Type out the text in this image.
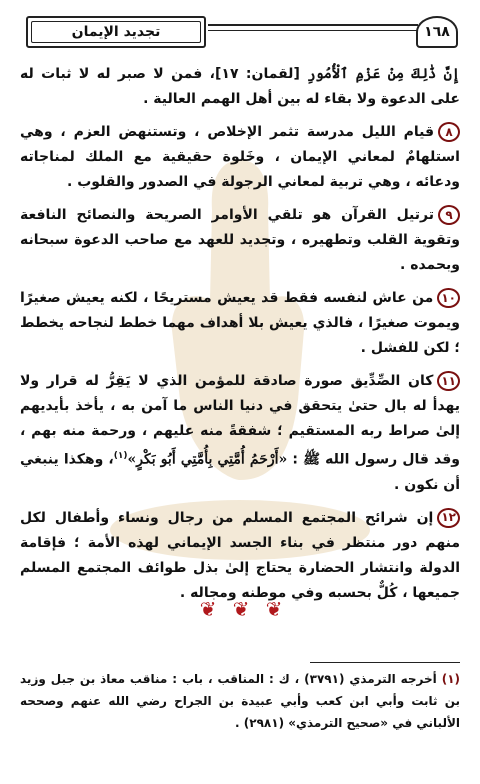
تجديد الإيمان	١٦٨

إِنَّ ذَٰلِكَ مِنْ عَزْمِ ٱلْأُمُورِ [لقمان: ١٧]، فمن لا صبر له لا ثبات له على الدعوة ولا بقاء له بين أهل الهمم العالية .

٨قيام الليل مدرسة تثمر الإخلاص ، وتستنهض العزم ، وهي استلهامٌ لمعاني الإيمان ، وخَلوة حقيقية مع الملك لمناجاته ودعائه ، وهي تربية لمعاني الرجولة في الصدور والقلوب .

٩ترتيل القرآن هو تلقي الأوامر الصريحة والنصائح النافعة وتقوية القلب وتطهيره ، وتجديد للعهد مع صاحب الدعوة سبحانه وبحمده .

١٠من عاش لنفسه فقط قد يعيش مستريحًا ، لكنه يعيش صغيرًا ويموت صغيرًا ، فالذي يعيش بلا أهداف مهما خطط لنجاحه يخطط ؛ لكن للفشل .

١١كان الصِّدِّيق صورة صادقة للمؤمن الذي لا يَقِرُّ له قرار ولا يهدأ له بال حتىٰ يتحقق في دنيا الناس ما آمن به ، يأخذ بأيديهم إلىٰ صراط ربه المستقيم ؛ شفقةً منه عليهم ، ورحمة منه بهم ، وقد قال رسول الله ﷺ : «أَرْحَمُ أُمَّتِي بِأُمَّتِي أَبُو بَكْرٍ»$^{(١)}$، وهكذا ينبغي أن نكون .

١٢إن شرائح المجتمع المسلم من رجال ونساء وأطفال لكل منهم دور منتظر في بناء الجسد الإيماني لهذه الأمة ؛ فإقامة الدولة وانتشار الحضارة يحتاج إلىٰ بذل طوائف المجتمع المسلم جميعها ، كُلٌّ بحسبه وفي موطنه ومجاله .

❦ ❦ ❦
(١) أخرجه الترمذي (٣٧٩١) ، ك : المناقب ، باب : مناقب معاذ بن جبل وزيد بن ثابت وأبي ابن كعب وأبي عبيدة بن الجراح رضي الله عنهم وصححه الألباني في «صحيح الترمذي» (٢٩٨١) .
